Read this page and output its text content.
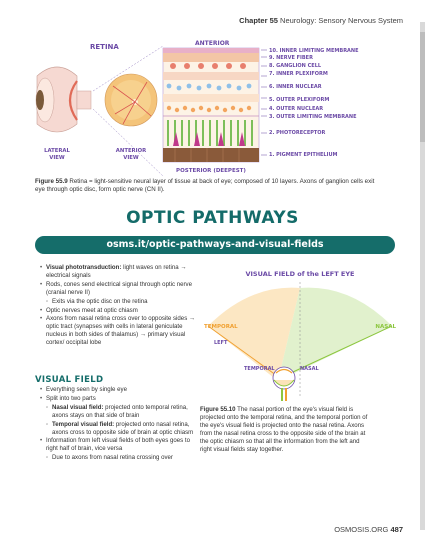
Chapter 55 Neurology: Sensory Nervous System
RETINA
LATERAL VIEW
ANTERIOR VIEW
ANTERIOR
POSTERIOR (DEEPEST)
10. INNER LIMITING MEMBRANE
9. NERVE FIBER
8. GANGLION CELL
7. INNER PLEXIFORM
6. INNER NUCLEAR
5. OUTER PLEXIFORM
4. OUTER NUCLEAR
3. OUTER LIMITING MEMBRANE
2. PHOTORECEPTOR
1. PIGMENT EPITHELIUM
Figure 55.9 Retina = light-sensitive neural layer of tissue at back of eye; composed of 10 layers. Axons of ganglion cells exit eye through optic disc, form optic nerve (CN II).
OPTIC PATHWAYS
osms.it/optic-pathways-and-visual-fields
• Visual phototransduction: light waves on retina → electrical signals
• Rods, cones send electrical signal through optic nerve (cranial nerve II)
◦ Exits via the optic disc on the retina
• Optic nerves meet at optic chiasm
• Axons from nasal retina cross over to opposite sides → optic tract (synapses with cells in lateral geniculate nucleus in both sides of thalamus) → primary visual cortex/ occipital lobe
VISUAL FIELD
• Everything seen by single eye
• Split into two parts
◦ Nasal visual field: projected onto temporal retina, axons stays on that side of brain
◦ Temporal visual field: projected onto nasal retina, axons cross to opposite side of brain at optic chiasm
• Information from left visual fields of both eyes goes to right half of brain, vice versa
◦ Due to axons from nasal retina crossing over
VISUAL FIELD of the LEFT EYE
TEMPORAL	NASAL
LEFT
TEMPORAL	NASAL
Figure 55.10 The nasal portion of the eye's visual field is projected onto the temporal retina, and the temporal portion of the eye's visual field is projected onto the nasal retina. Axons from the nasal retina cross to the opposite side of the brain at the optic chiasm so that all the information from the left and right visual fields stay together.
OSMOSIS.ORG 487
